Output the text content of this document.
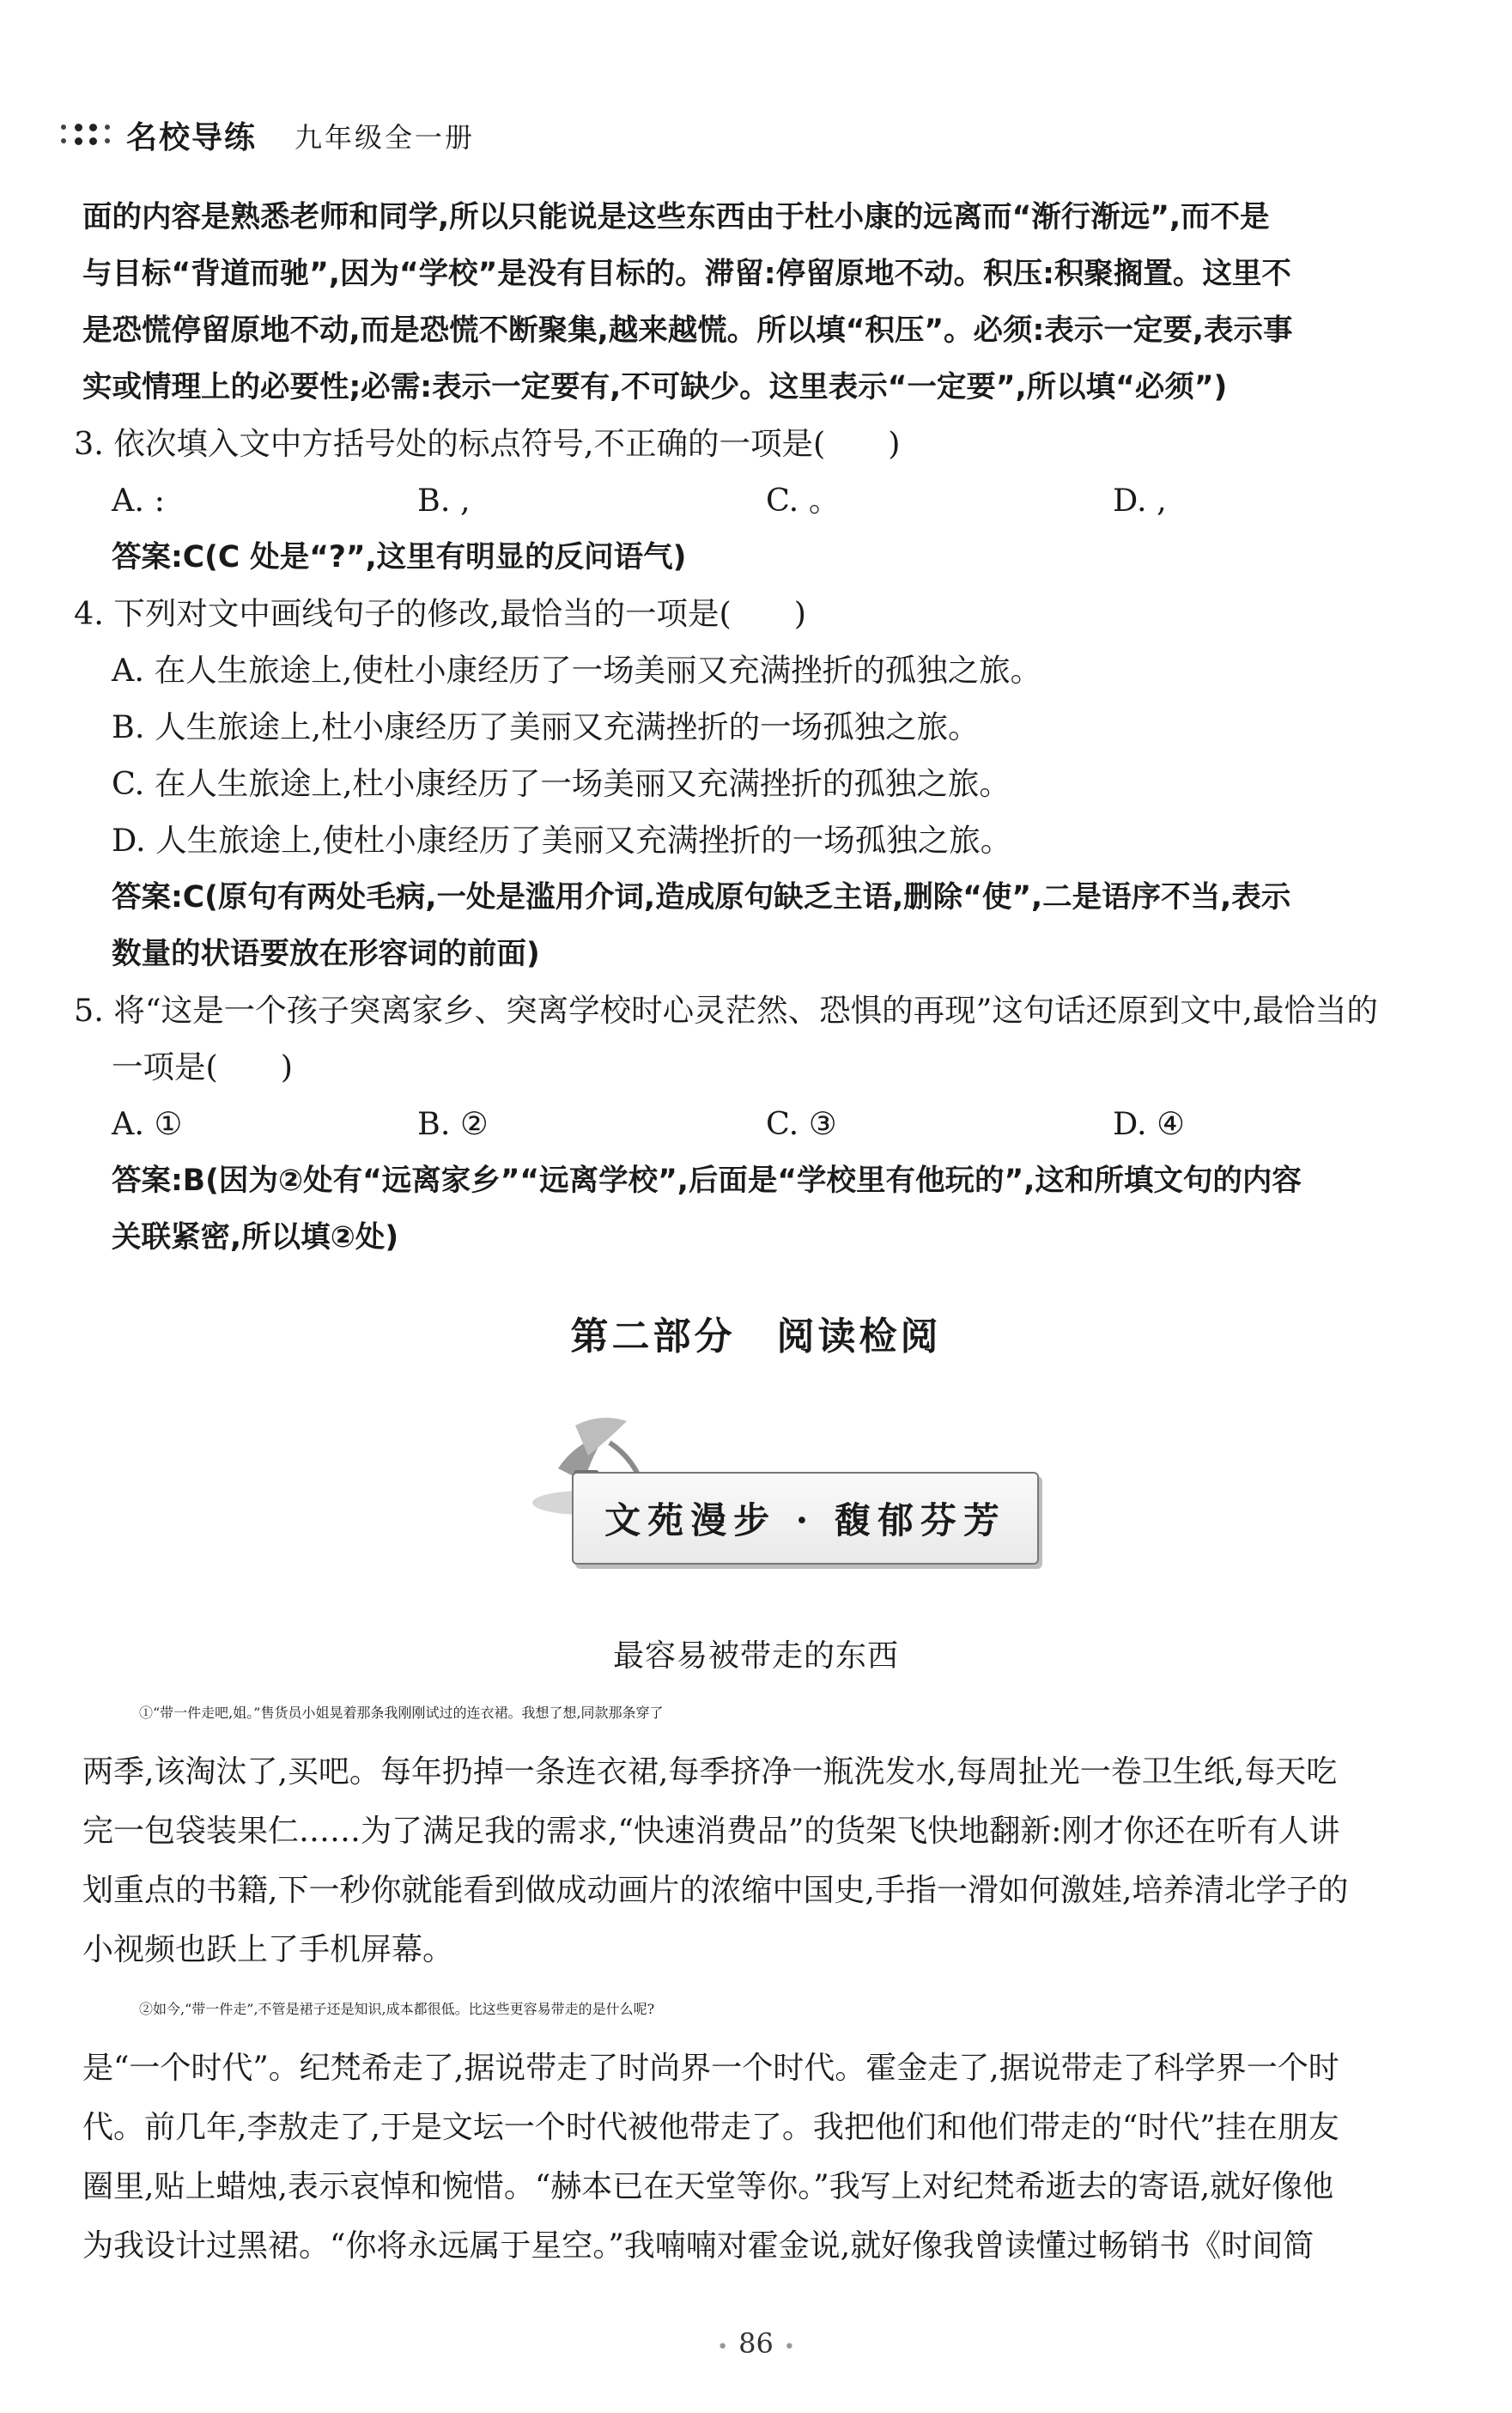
名校导练 九年级全一册
面的内容是熟悉老师和同学,所以只能说是这些东西由于杜小康的远离而“渐行渐远”,而不是
与目标“背道而驰”,因为“学校”是没有目标的。滞留:停留原地不动。积压:积聚搁置。这里不
是恐慌停留原地不动,而是恐慌不断聚集,越来越慌。所以填“积压”。必须:表示一定要,表示事
实或情理上的必要性;必需:表示一定要有,不可缺少。这里表示“一定要”,所以填“必须”)
3. 依次填入文中方括号处的标点符号,不正确的一项是(　　)
A. :	B. ,	C. 。	D. ,
答案:C(C 处是“?”,这里有明显的反问语气)
4. 下列对文中画线句子的修改,最恰当的一项是(　　)
A. 在人生旅途上,使杜小康经历了一场美丽又充满挫折的孤独之旅。
B. 人生旅途上,杜小康经历了美丽又充满挫折的一场孤独之旅。
C. 在人生旅途上,杜小康经历了一场美丽又充满挫折的孤独之旅。
D. 人生旅途上,使杜小康经历了美丽又充满挫折的一场孤独之旅。
答案:C(原句有两处毛病,一处是滥用介词,造成原句缺乏主语,删除“使”,二是语序不当,表示
数量的状语要放在形容词的前面)
5. 将“这是一个孩子突离家乡、突离学校时心灵茫然、恐惧的再现”这句话还原到文中,最恰当的
一项是(　　)
A. ①	B. ②	C. ③	D. ④
答案:B(因为②处有“远离家乡”“远离学校”,后面是“学校里有他玩的”,这和所填文句的内容
关联紧密,所以填②处)
第二部分　阅读检阅
文苑漫步 · 馥郁芬芳
最容易被带走的东西
①“带一件走吧,姐。”售货员小姐晃着那条我刚刚试过的连衣裙。我想了想,同款那条穿了
两季,该淘汰了,买吧。每年扔掉一条连衣裙,每季挤净一瓶洗发水,每周扯光一卷卫生纸,每天吃
完一包袋装果仁……为了满足我的需求,“快速消费品”的货架飞快地翻新:刚才你还在听有人讲
划重点的书籍,下一秒你就能看到做成动画片的浓缩中国史,手指一滑如何激娃,培养清北学子的
小视频也跃上了手机屏幕。
②如今,“带一件走”,不管是裙子还是知识,成本都很低。比这些更容易带走的是什么呢?
是“一个时代”。纪梵希走了,据说带走了时尚界一个时代。霍金走了,据说带走了科学界一个时
代。前几年,李敖走了,于是文坛一个时代被他带走了。我把他们和他们带走的“时代”挂在朋友
圈里,贴上蜡烛,表示哀悼和惋惜。“赫本已在天堂等你。”我写上对纪梵希逝去的寄语,就好像他
为我设计过黑裙。“你将永远属于星空。”我喃喃对霍金说,就好像我曾读懂过畅销书《时间简
• 86 •
